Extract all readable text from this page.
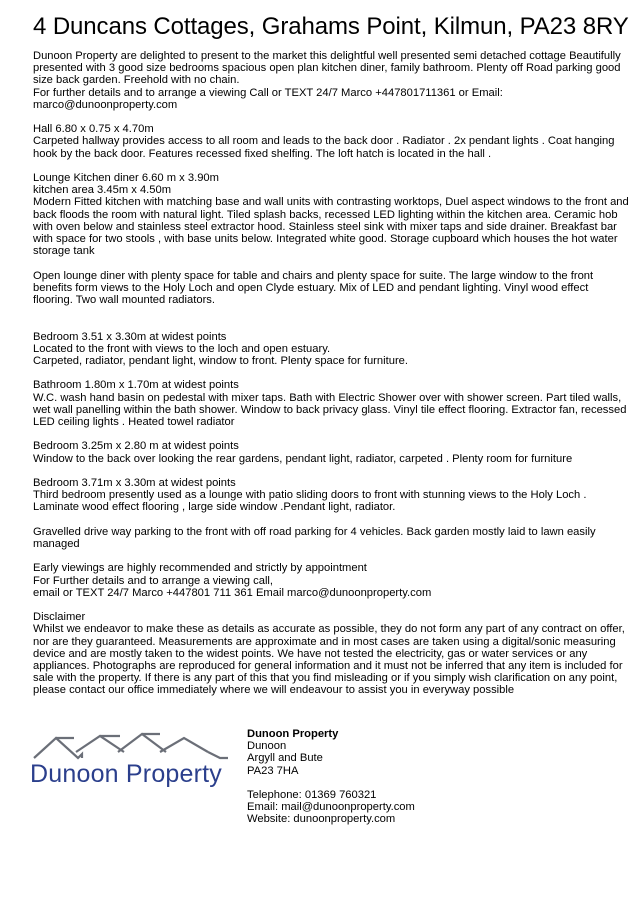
4 Duncans Cottages, Grahams Point, Kilmun, PA23 8RY
Dunoon Property are delighted to present to the market this delightful well presented semi detached cottage Beautifully
presented with 3 good size bedrooms spacious open plan kitchen diner, family bathroom. Plenty off Road parking good
size back garden. Freehold with no chain.
For further details and to arrange a viewing Call or TEXT 24/7 Marco +447801711361 or Email:
marco@dunoonproperty.com
Hall 6.80 x 0.75 x 4.70m
Carpeted hallway provides access to all room and leads to the back door . Radiator . 2x pendant lights . Coat hanging
hook by the back door. Features recessed fixed shelfing. The loft hatch is located in the hall .
Lounge Kitchen diner 6.60 m x 3.90m
kitchen area 3.45m x 4.50m
Modern Fitted kitchen with matching base and wall units with contrasting worktops, Duel aspect windows to the front and
back floods the room with natural light. Tiled splash backs, recessed LED lighting within the kitchen area. Ceramic hob
with oven below and stainless steel extractor hood. Stainless steel sink with mixer taps and side drainer. Breakfast bar
with space for two stools , with base units below. Integrated white good. Storage cupboard which houses the hot water
storage tank
Open lounge diner with plenty space for table and chairs and plenty space for suite. The large window to the front
benefits form views to the Holy Loch and open Clyde estuary. Mix of LED and pendant lighting. Vinyl wood effect
flooring. Two wall mounted radiators.
Bedroom 3.51 x 3.30m at widest points
Located to the front with views to the loch and open estuary.
Carpeted, radiator, pendant light, window to front. Plenty space for furniture.
Bathroom 1.80m x 1.70m at widest points
W.C. wash hand basin on pedestal with mixer taps. Bath with Electric Shower over with shower screen. Part tiled walls,
wet wall panelling within the bath shower. Window to back privacy glass. Vinyl tile effect flooring. Extractor fan, recessed
LED ceiling lights . Heated towel radiator
Bedroom 3.25m x 2.80 m at widest points
Window to the back over looking the rear gardens, pendant light, radiator, carpeted . Plenty room for furniture
Bedroom 3.71m x 3.30m at widest points
Third bedroom presently used as a lounge with patio sliding doors to front with stunning views to the Holy Loch .
Laminate wood effect flooring , large side window .Pendant light, radiator.
Gravelled drive way parking to the front with off road parking for 4 vehicles. Back garden mostly laid to lawn easily
managed
Early viewings are highly recommended and strictly by appointment
For Further details and to arrange a viewing call,
email or TEXT 24/7 Marco +447801 711 361 Email marco@dunoonproperty.com
Disclaimer
Whilst we endeavor to make these as details as accurate as possible, they do not form any part of any contract on offer,
nor are they guaranteed. Measurements are approximate and in most cases are taken using a digital/sonic measuring
device and are mostly taken to the widest points. We have not tested the electricity, gas or water services or any
appliances. Photographs are reproduced for general information and it must not be inferred that any item is included for
sale with the property. If there is any part of this that you find misleading or if you simply wish clarification on any point,
please contact our office immediately where we will endeavour to assist you in everyway possible
Dunoon Property
Dunoon Property
Dunoon
Argyll and Bute
PA23 7HA

Telephone: 01369 760321
Email: mail@dunoonproperty.com
Website: dunoonproperty.com
